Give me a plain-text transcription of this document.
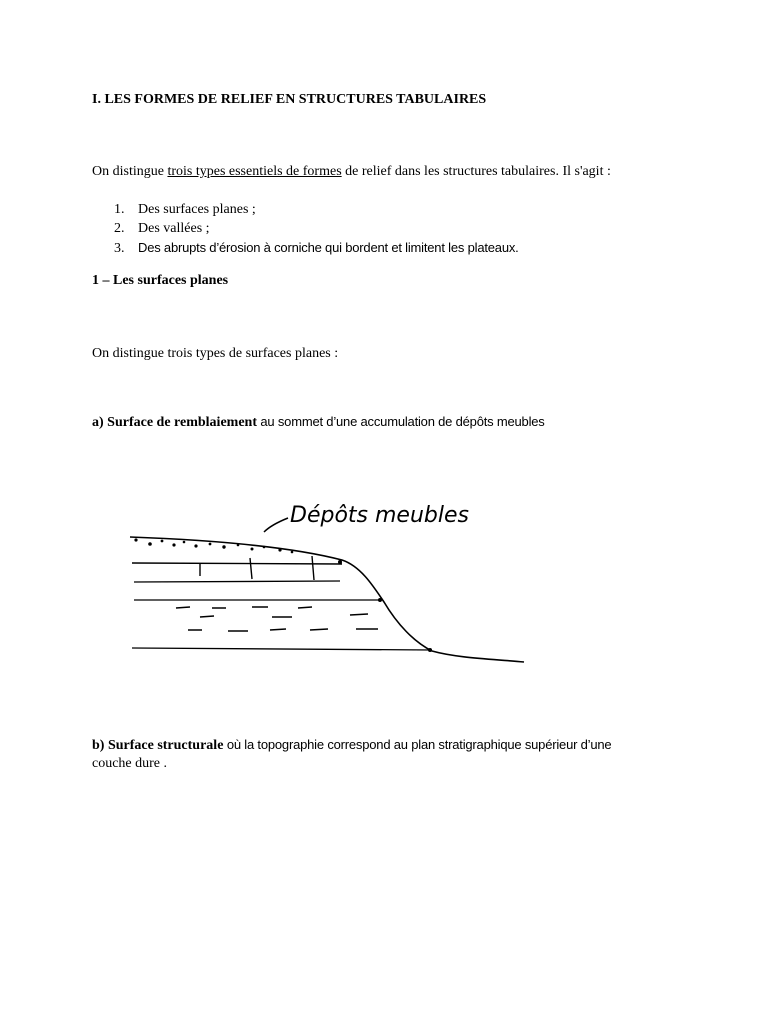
I. LES FORMES DE RELIEF EN STRUCTURES TABULAIRES
On distingue trois types essentiels de formes de relief dans les structures tabulaires. Il s'agit :
1. Des surfaces planes ;
2. Des vallées ;
3. Des abrupts d’érosion à corniche qui bordent et limitent les plateaux.
1 – Les surfaces planes
On distingue trois types de surfaces planes :
a) Surface de remblaiement au sommet d’une accumulation de dépôts meubles
Dépôts meubles
b) Surface structurale où la topographie correspond au plan stratigraphique supérieur d’une
couche dure .
